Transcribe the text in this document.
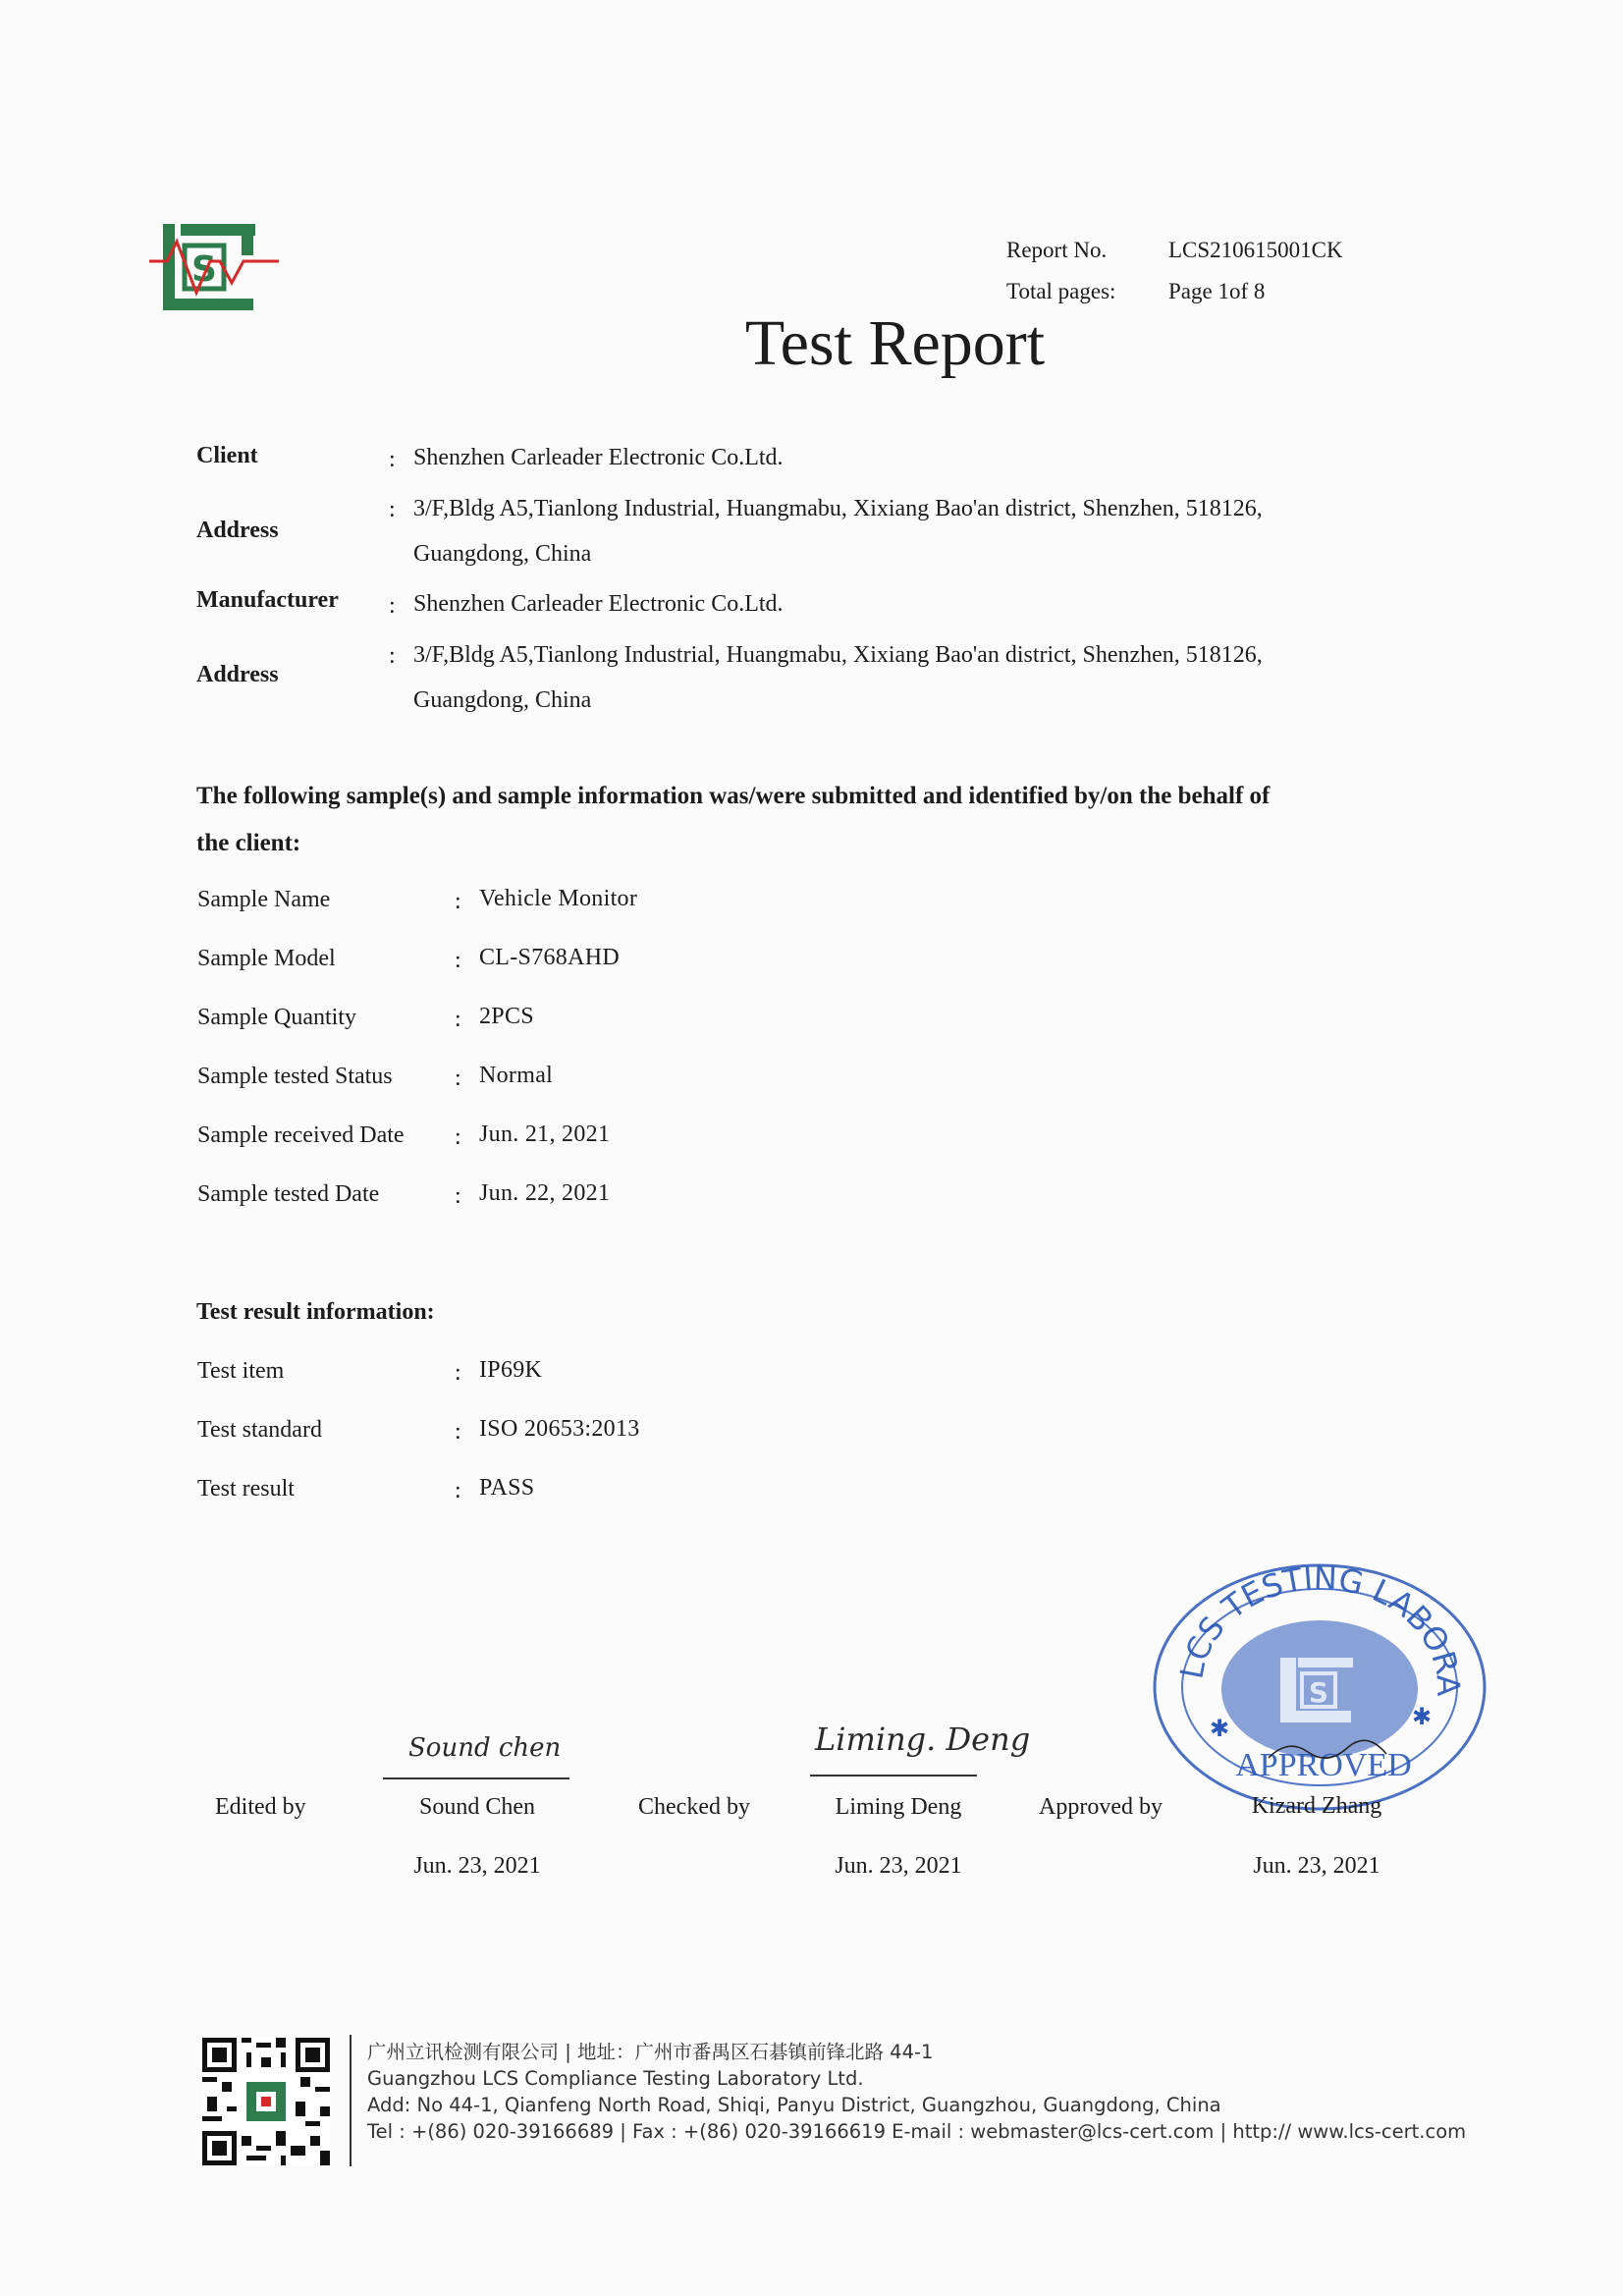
S	Report No.	LCS210615001CK
Total pages:	Page 1of 8
Test Report
Client	: Shenzhen Carleader Electronic Co.Ltd.
Address
: 3/F,Bldg A5,Tianlong Industrial, Huangmabu, Xixiang Bao'an district, Shenzhen, 518126,
Guangdong, China
Manufacturer : Shenzhen Carleader Electronic Co.Ltd.
Address
: 3/F,Bldg A5,Tianlong Industrial, Huangmabu, Xixiang Bao'an district, Shenzhen, 518126,
Guangdong, China
The following sample(s) and sample information was/were submitted and identified by/on the behalf of
the client:
Sample Name	: Vehicle Monitor
Sample Model	: CL-S768AHD
Sample Quantity	: 2PCS
Sample tested Status	: Normal
Sample received Date : Jun. 21, 2021
Sample tested Date	: Jun. 22, 2021
Test result information:
Test item	: IP69K
Test standard	: ISO 20653:2013
Test result	: PASS
LCS TESTING LABORA
S
✱	✱
APPROVED
Sound chen
Edited by	Sound Chen
Jun. 23, 2021
Liming. Deng
Checked by	Liming Deng
Jun. 23, 2021
Approved by	Kizard Zhang
Jun. 23, 2021
广州立讯检测有限公司 | 地址：广州市番禺区石碁镇前锋北路 44-1
Guangzhou LCS Compliance Testing Laboratory Ltd.
Add: No 44-1, Qianfeng North Road, Shiqi, Panyu District, Guangzhou, Guangdong, China
Tel : +(86) 020-39166689 | Fax : +(86) 020-39166619 E-mail : webmaster@lcs-cert.com | http:// www.lcs-cert.com
